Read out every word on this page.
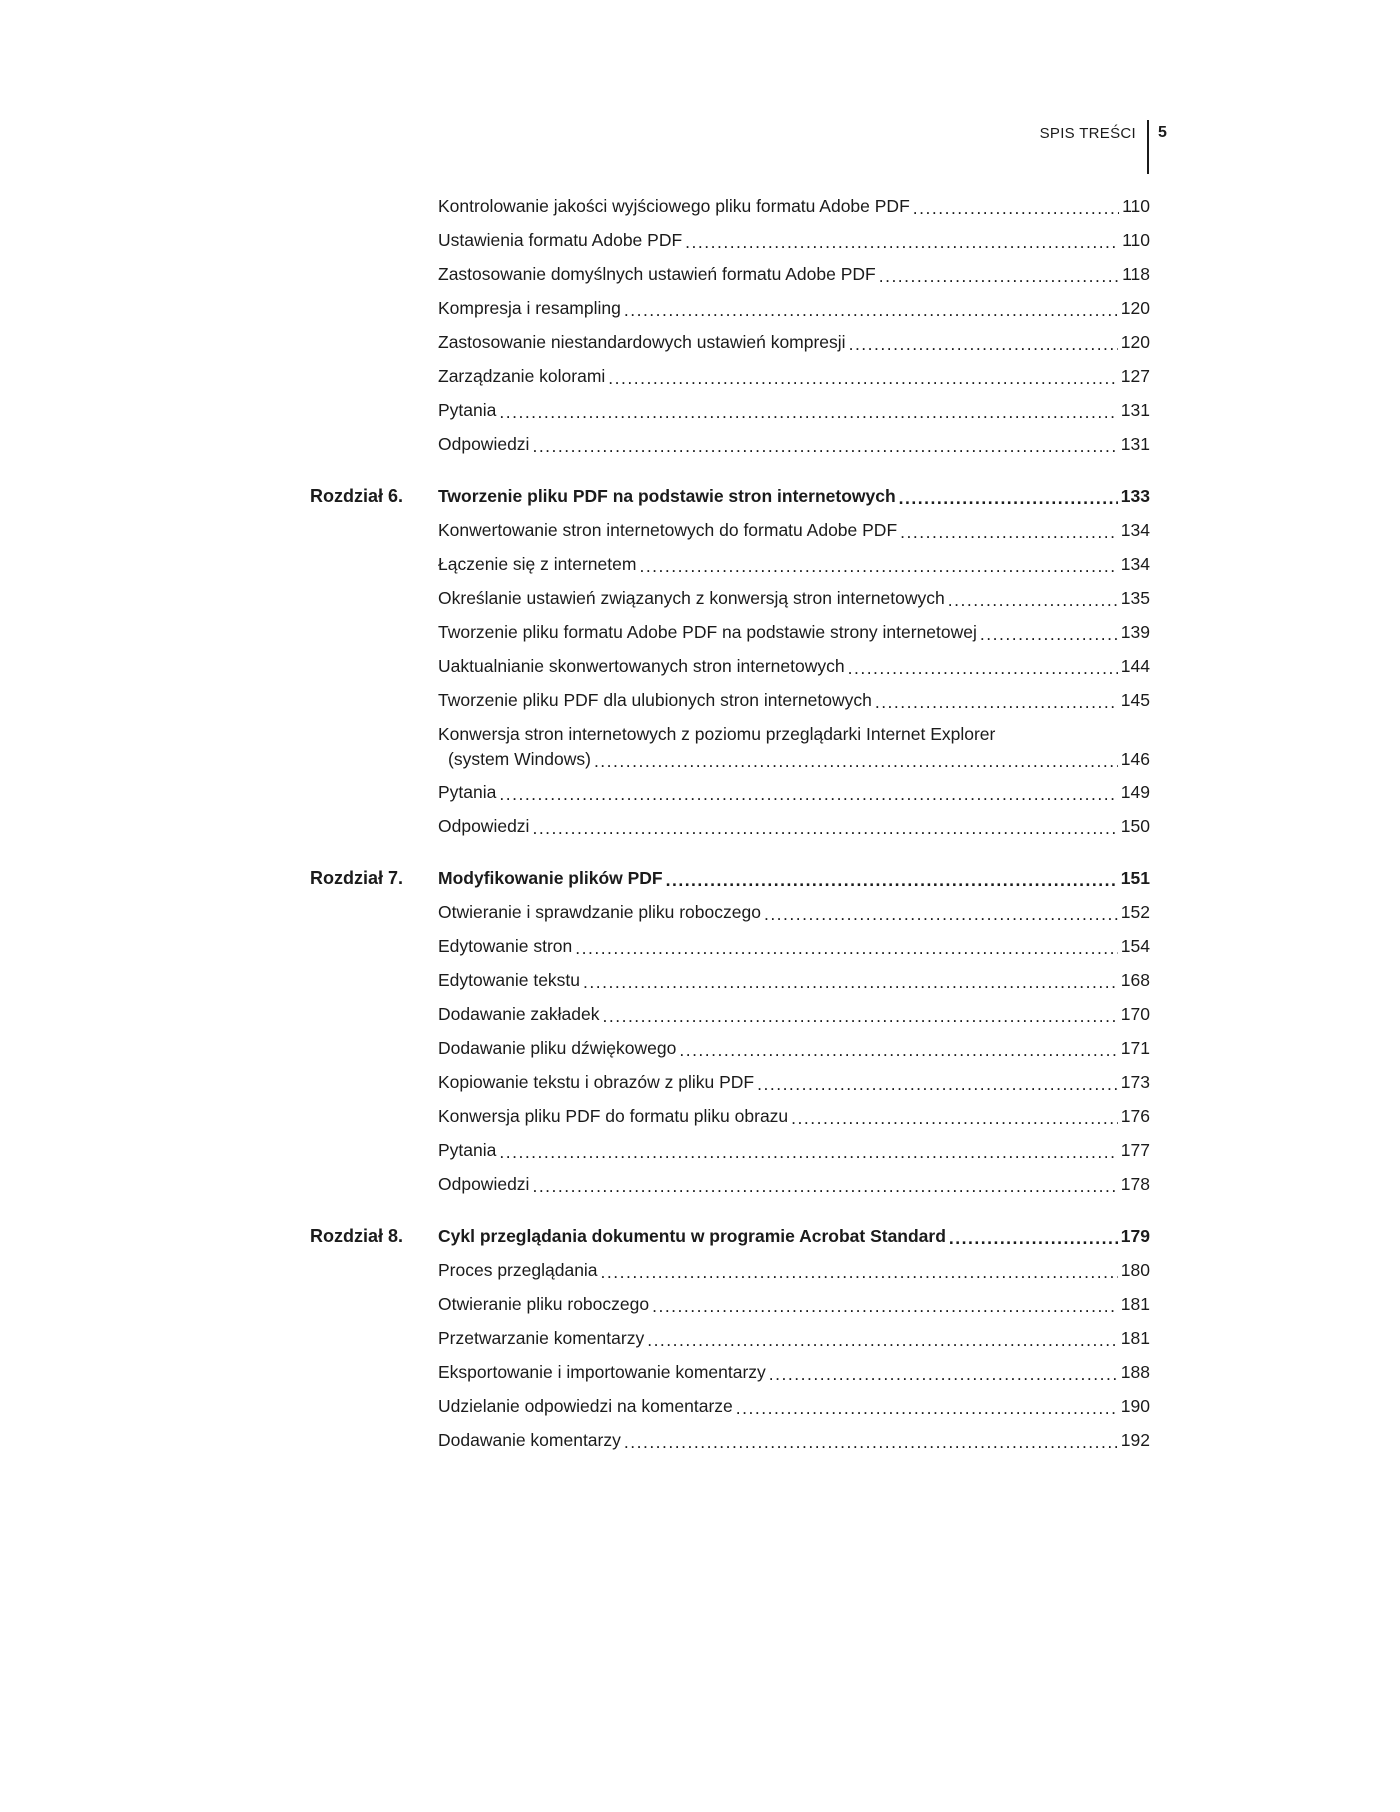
SPIS TREŚCI 5
Kontrolowanie jakości wyjściowego pliku formatu Adobe PDF .....	110
Ustawienia formatu Adobe PDF .....	110
Zastosowanie domyślnych ustawień formatu Adobe PDF .....	118
Kompresja i resampling .....	120
Zastosowanie niestandardowych ustawień kompresji .....	120
Zarządzanie kolorami .....	127
Pytania .....	131
Odpowiedzi .....	131
Rozdział 6. Tworzenie pliku PDF na podstawie stron internetowych .....	133
Konwertowanie stron internetowych do formatu Adobe PDF .....	134
Łączenie się z internetem .....	134
Określanie ustawień związanych z konwersją stron internetowych .....	135
Tworzenie pliku formatu Adobe PDF na podstawie strony internetowej .....	139
Uaktualnianie skonwertowanych stron internetowych .....	144
Tworzenie pliku PDF dla ulubionych stron internetowych .....	145
Konwersja stron internetowych z poziomu przeglądarki Internet Explorer
(system Windows) .....	146
Pytania .....	149
Odpowiedzi .....	150
Rozdział 7. Modyfikowanie plików PDF .....	151
Otwieranie i sprawdzanie pliku roboczego .....	152
Edytowanie stron .....	154
Edytowanie tekstu .....	168
Dodawanie zakładek .....	170
Dodawanie pliku dźwiękowego .....	171
Kopiowanie tekstu i obrazów z pliku PDF .....	173
Konwersja pliku PDF do formatu pliku obrazu .....	176
Pytania .....	177
Odpowiedzi .....	178
Rozdział 8. Cykl przeglądania dokumentu w programie Acrobat Standard .....	179
Proces przeglądania .....	180
Otwieranie pliku roboczego .....	181
Przetwarzanie komentarzy .....	181
Eksportowanie i importowanie komentarzy .....	188
Udzielanie odpowiedzi na komentarze .....	190
Dodawanie komentarzy .....	192
